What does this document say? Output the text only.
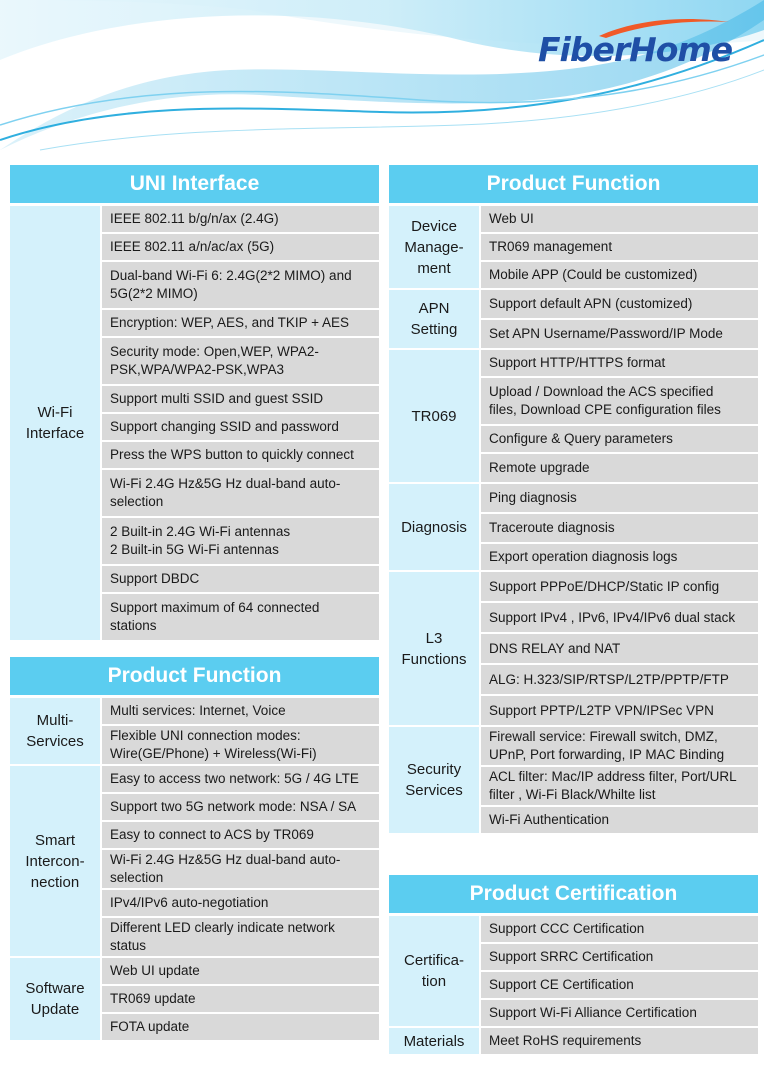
FiberHome
UNI Interface
Wi-Fi
Interface
IEEE 802.11 b/g/n/ax (2.4G)
IEEE 802.11 a/n/ac/ax (5G)
Dual-band Wi-Fi 6: 2.4G(2*2 MIMO) and
5G(2*2 MIMO)
Encryption: WEP, AES, and TKIP + AES
Security mode: Open,WEP, WPA2-
PSK,WPA/WPA2-PSK,WPA3
Support multi SSID and guest SSID
Support changing SSID and password
Press the WPS button to quickly connect
Wi-Fi 2.4G Hz&5G Hz dual-band auto-
selection
2 Built-in 2.4G Wi-Fi antennas
2 Built-in 5G Wi-Fi antennas
Support DBDC
Support maximum of 64 connected
stations
Product Function
Multi-
Services
Multi services: Internet, Voice
Flexible UNI connection modes:
Wire(GE/Phone) + Wireless(Wi-Fi)
Smart
Intercon-
nection
Easy to access two network: 5G / 4G LTE
Support two 5G network mode: NSA / SA
Easy to connect to ACS by TR069
Wi-Fi 2.4G Hz&5G Hz dual-band auto-
selection
IPv4/IPv6 auto-negotiation
Different LED clearly indicate network
status
Software
Update
Web UI update
TR069 update
FOTA update
Product Function
Device
Manage-
ment
Web UI
TR069 management
Mobile APP (Could be customized)
APN
Setting
Support default APN (customized)
Set APN Username/Password/IP Mode
TR069
Support HTTP/HTTPS format
Upload / Download the ACS specified
files, Download CPE configuration files
Configure & Query parameters
Remote upgrade
Diagnosis
Ping diagnosis
Traceroute diagnosis
Export operation diagnosis logs
L3
Functions
Support PPPoE/DHCP/Static IP config
Support IPv4 , IPv6, IPv4/IPv6 dual stack
DNS RELAY and NAT
ALG: H.323/SIP/RTSP/L2TP/PPTP/FTP
Support PPTP/L2TP VPN/IPSec VPN
Security
Services
Firewall service: Firewall switch, DMZ,
UPnP, Port forwarding, IP MAC Binding
ACL filter: Mac/IP address filter, Port/URL
filter , Wi-Fi Black/Whilte list
Wi-Fi Authentication
Product Certification
Certifica-
tion
Support CCC Certification
Support SRRC Certification
Support CE Certification
Support Wi-Fi Alliance Certification
Materials	Meet RoHS requirements
